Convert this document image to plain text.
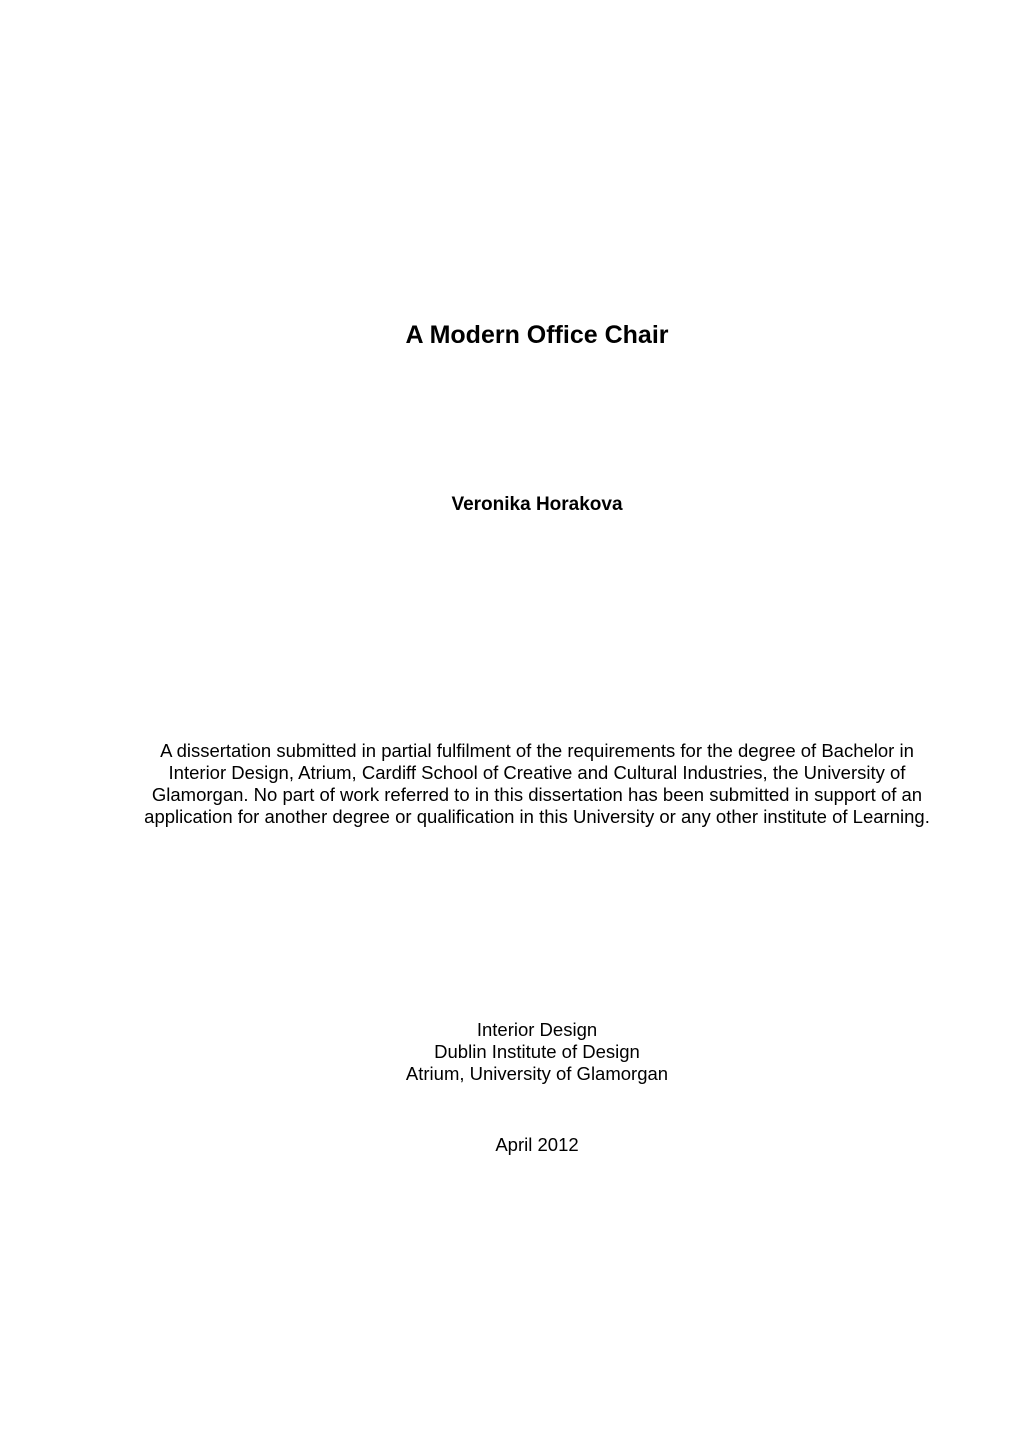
A Modern Office Chair

Veronika Horakova

A dissertation submitted in partial fulfilment of the requirements for the degree of Bachelor in Interior Design, Atrium, Cardiff School of Creative and Cultural Industries, the University of Glamorgan. No part of work referred to in this dissertation has been submitted in support of an application for another degree or qualification in this University or any other institute of Learning.

Interior Design
Dublin Institute of Design
Atrium, University of Glamorgan

April 2012
